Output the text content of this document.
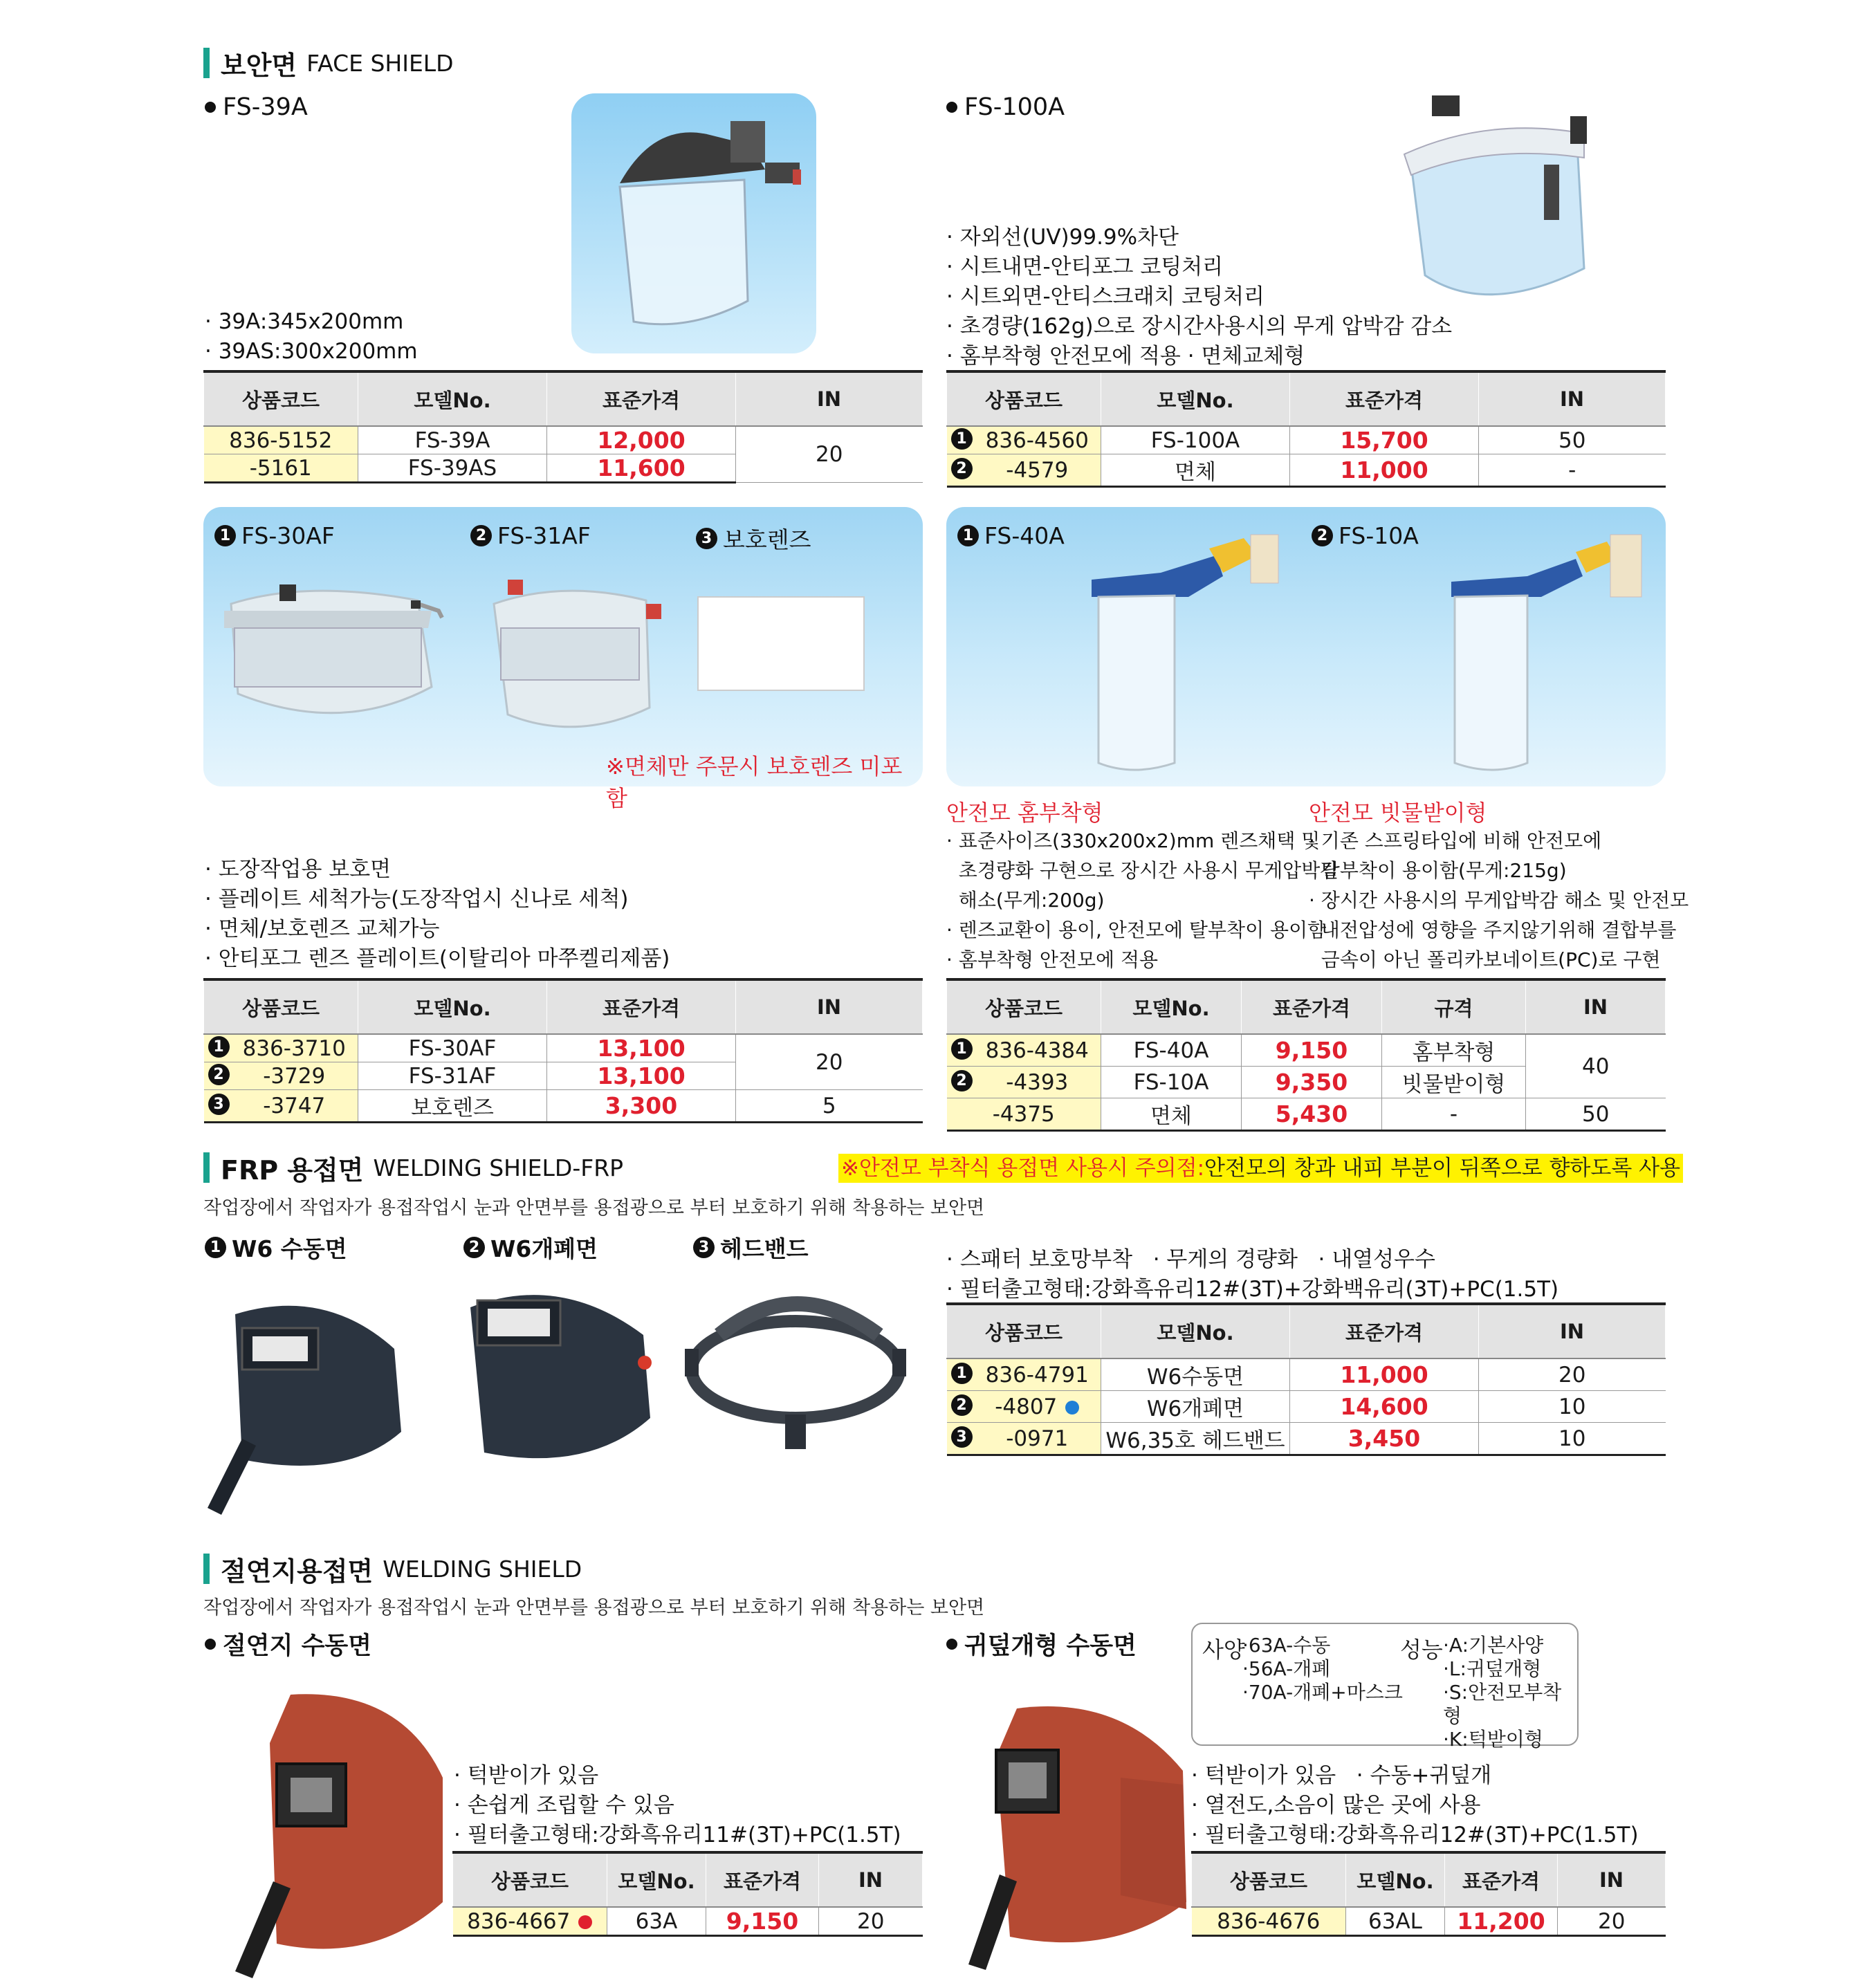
보안면 FACE SHIELD
FS-39A
· 39A:345x200mm
· 39AS:300x200mm
상품코드	모델No.	표준가격	IN
836-5152	FS-39A	12,000	20
-5161	FS-39AS	11,600	
FS-100A
· 자외선(UV)99.9%차단
· 시트내면-안티포그 코팅처리
· 시트외면-안티스크래치 코팅처리
· 초경량(162g)으로 장시간사용시의 무게 압박감 감소
· 홈부착형 안전모에 적용 · 면체교체형
상품코드	모델No.	표준가격	IN

1 836-4560	FS-100A	15,700	50

2 -4579	면체	11,000	-
1 FS-30AF	2 FS-31AF	3 보호렌즈
※면체만 주문시 보호렌즈 미포함
· 도장작업용 보호면
· 플레이트 세척가능(도장작업시 신나로 세척)
· 면체/보호렌즈 교체가능
· 안티포그 렌즈 플레이트(이탈리아 마쭈켈리제품)
상품코드	모델No.	표준가격	IN

1 836-3710	FS-30AF	13,100	20

2 -3729	FS-31AF	13,100	

3 -3747	보호렌즈	3,300	5
1 FS-40A	2 FS-10A
안전모 홈부착형	안전모 빗물받이형
· 표준사이즈(330x200x2)mm 렌즈채택 및
초경량화 구현으로 장시간 사용시 무게압박감
해소(무게:200g)
· 렌즈교환이 용이, 안전모에 탈부착이 용이함
· 홈부착형 안전모에 적용
· 기존 스프링타입에 비해 안전모에
탈부착이 용이함(무게:215g)
· 장시간 사용시의 무게압박감 해소 및 안전모
내전압성에 영향을 주지않기위해 결합부를
금속이 아닌 폴리카보네이트(PC)로 구현
상품코드	모델No.	표준가격	규격	IN

1 836-4384	FS-40A	9,150	홈부착형	40

2 -4393	FS-10A	9,350	빗물받이형	
-4375	면체	5,430	-	50
FRP 용접면 WELDING SHIELD-FRP	※안전모 부착식 용접면 사용시 주의점:안전모의 창과 내피 부분이 뒤쪽으로 향하도록 사용
작업장에서 작업자가 용접작업시 눈과 안면부를 용접광으로 부터 보호하기 위해 착용하는 보안면
1 W6 수동면	2 W6개폐면	3 헤드밴드	· 스패터 보호망부착   · 무게의 경량화   · 내열성우수
· 필터출고형태:강화흑유리12#(3T)+강화백유리(3T)+PC(1.5T)
상품코드	모델No.	표준가격	IN

1 836-4791	W6수동면	11,000	20

2 -4807	W6개폐면	14,600	10

3 -0971	W6,35호 헤드밴드	3,450	10
절연지용접면 WELDING SHIELD
작업장에서 작업자가 용접작업시 눈과 안면부를 용접광으로 부터 보호하기 위해 착용하는 보안면
절연지 수동면
· 턱받이가 있음
· 손쉽게 조립할 수 있음
· 필터출고형태:강화흑유리11#(3T)+PC(1.5T)
상품코드	모델No.	표준가격	IN
836-4667	63A	9,150	20
귀덮개형 수동면	사양
·63A-수동
·56A-개폐
·70A-개폐+마스크
성능 ·A:기본사양
·L:귀덮개형
·S:안전모부착형
·K:턱받이형
· 턱받이가 있음   · 수동+귀덮개
· 열전도,소음이 많은 곳에 사용
· 필터출고형태:강화흑유리12#(3T)+PC(1.5T)
상품코드	모델No.	표준가격	IN
836-4676	63AL	11,200	20
